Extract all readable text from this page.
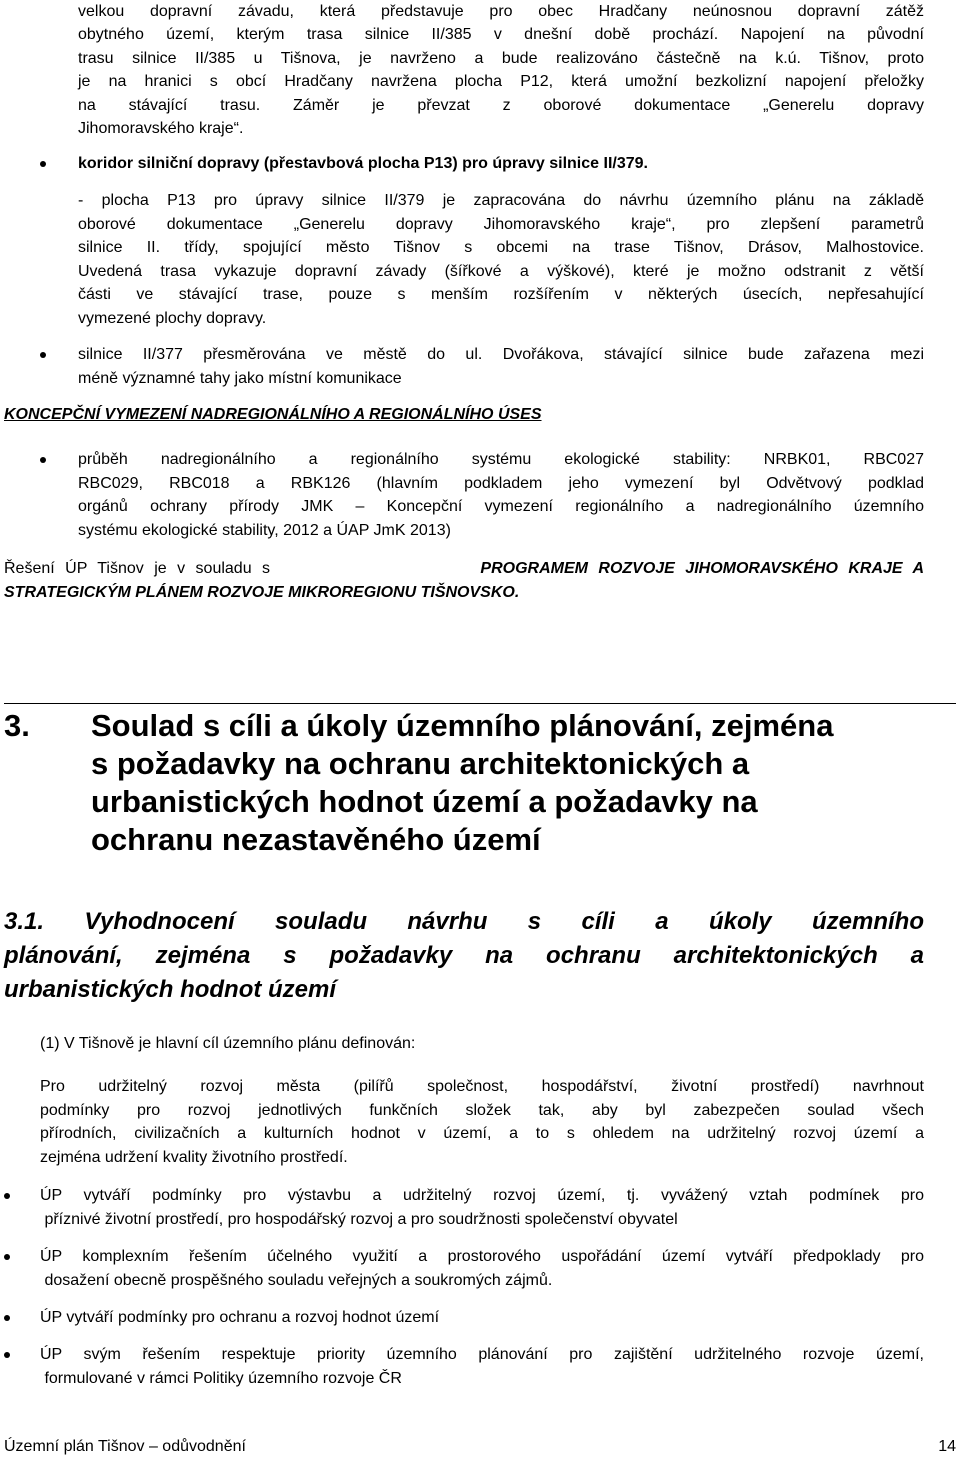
velkou dopravní závadu, která představuje pro obec Hradčany neúnosnou dopravní zátěž
obytného území, kterým trasa silnice II/385 v dnešní době prochází. Napojení na původní
trasu silnice II/385 u Tišnova, je navrženo a bude realizováno částečně na k.ú. Tišnov, proto
je na hranici s obcí Hradčany navržena plocha P12, která umožní bezkolizní napojení přeložky
na stávající trasu. Záměr je převzat z oborové dokumentace „Generelu dopravy
Jihomoravského kraje“.
koridor silniční dopravy (přestavbová plocha P13) pro úpravy silnice II/379.
- plocha P13 pro úpravy silnice II/379 je zapracována do návrhu územního plánu na základě
oborové dokumentace „Generelu dopravy Jihomoravského kraje“, pro zlepšení parametrů
silnice II. třídy, spojující město Tišnov s obcemi na trase Tišnov, Drásov, Malhostovice.
Uvedená trasa vykazuje dopravní závady (šířkové a výškové), které je možno odstranit z větší
části ve stávající trase, pouze s menším rozšířením v některých úsecích, nepřesahující
vymezené plochy dopravy.
silnice II/377 přesměrována ve městě do ul. Dvořákova, stávající silnice bude zařazena mezi
méně významné tahy jako místní komunikace
KONCEPČNÍ VYMEZENÍ NADREGIONÁLNÍHO A REGIONÁLNÍHO ÚSES
průběh nadregionálního a regionálního systému ekologické stability: NRBK01, RBC027
RBC029, RBC018 a RBK126 (hlavním podkladem jeho vymezení byl Odvětvový podklad
orgánů ochrany přírody JMK – Koncepční vymezení regionálního a nadregionálního územního
systému ekologické stability, 2012 a ÚAP JmK 2013)
Řešení ÚP Tišnov je v souladu s	PROGRAMEM ROZVOJE JIHOMORAVSKÉHO KRAJE A
STRATEGICKÝM PLÁNEM ROZVOJE MIKROREGIONU TIŠNOVSKO.
3. Soulad s cíli a úkoly územního plánování, zejména
s požadavky na ochranu architektonických a
urbanistických hodnot území a požadavky na
ochranu nezastavěného území
3.1. Vyhodnocení souladu návrhu s cíli a úkoly územního
plánování, zejména s požadavky na ochranu architektonických a
urbanistických hodnot území
(1) V Tišnově je hlavní cíl územního plánu definován:
Pro udržitelný rozvoj města (pilířů společnost, hospodářství, životní prostředí) navrhnout
podmínky pro rozvoj jednotlivých funkčních složek tak, aby byl zabezpečen soulad všech
přírodních, civilizačních a kulturních hodnot v území, a to s ohledem na udržitelný rozvoj území a
zejména udržení kvality životního prostředí.
ÚP vytváří podmínky pro výstavbu a udržitelný rozvoj území, tj. vyvážený vztah podmínek pro
příznivé životní prostředí, pro hospodářský rozvoj a pro soudržnosti společenství obyvatel
ÚP komplexním řešením účelného využití a prostorového uspořádání území vytváří předpoklady pro
dosažení obecně prospěšného souladu veřejných a soukromých zájmů.
ÚP vytváří podmínky pro ochranu a rozvoj hodnot území
ÚP svým řešením respektuje priority územního plánování pro zajištění udržitelného rozvoje území,
formulované v rámci Politiky územního rozvoje ČR
Územní plán Tišnov – odůvodnění	14
